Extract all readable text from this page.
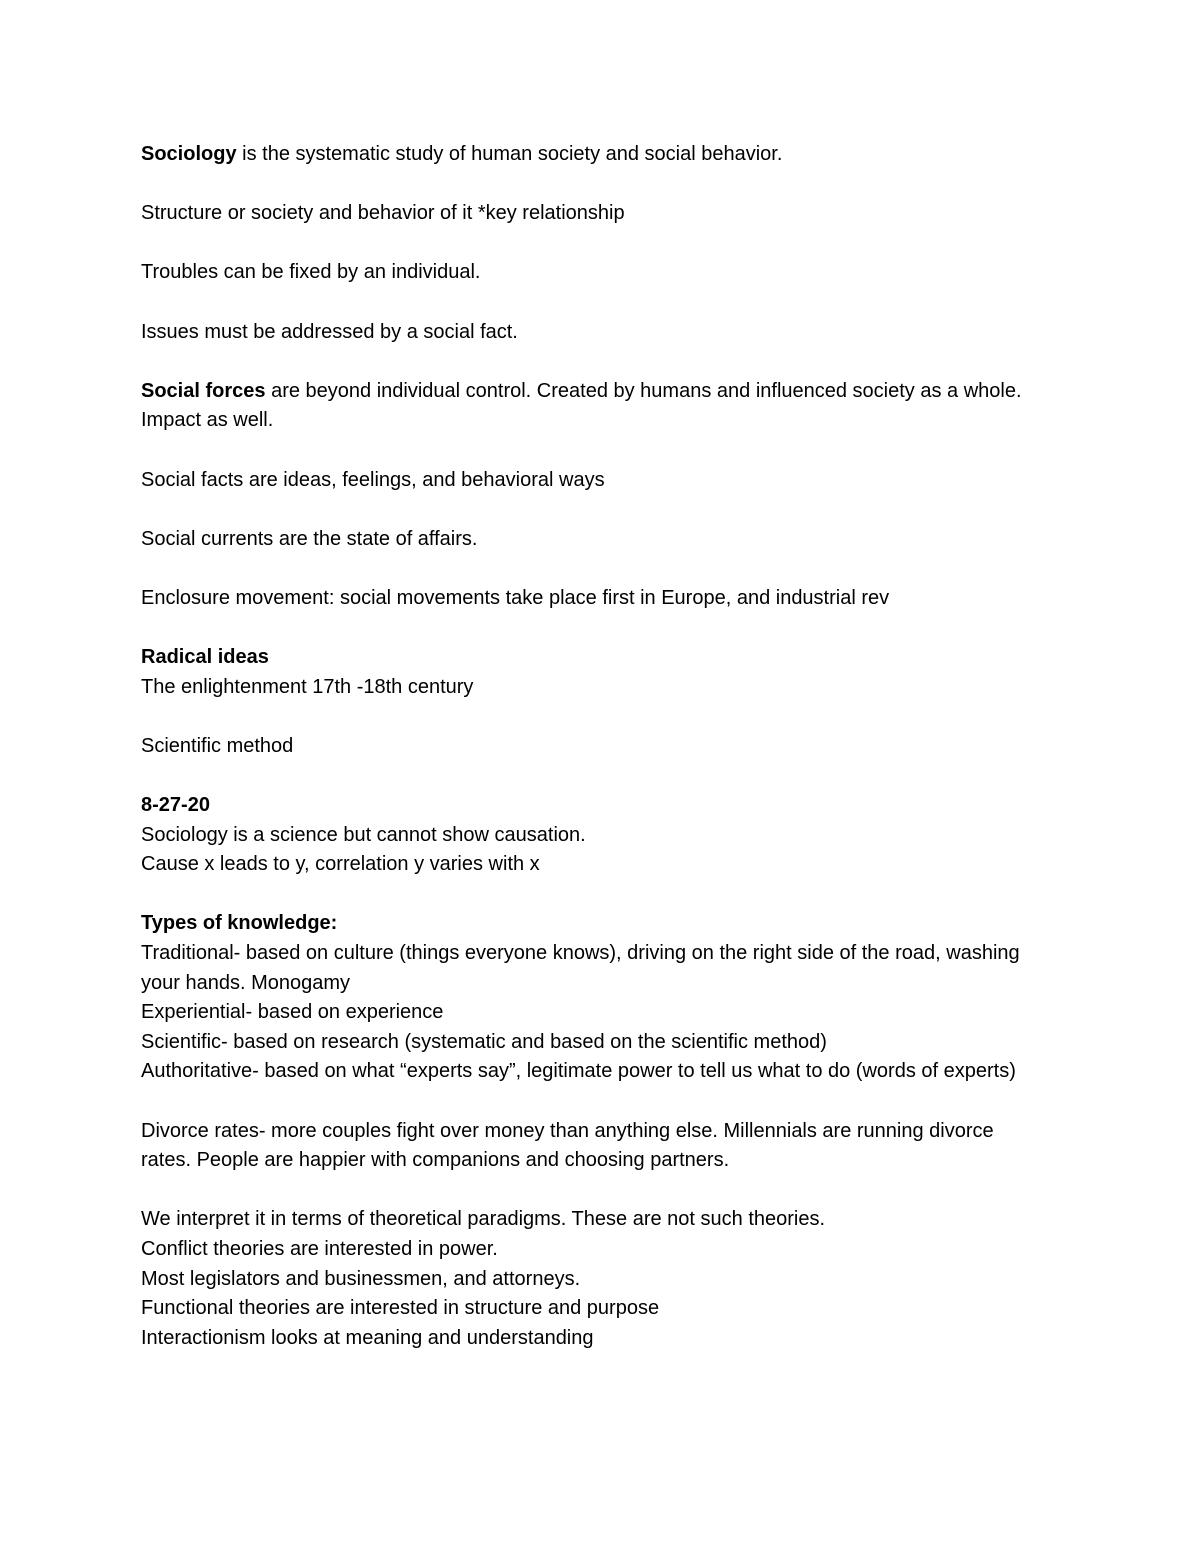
Sociology is the systematic study of human society and social behavior.

Structure or society and behavior of it *key relationship

Troubles can be fixed by an individual.

Issues must be addressed by a social fact.

Social forces are beyond individual control. Created by humans and influenced society as a whole. Impact as well.

Social facts are ideas, feelings, and behavioral ways

Social currents are the state of affairs.

Enclosure movement: social movements take place first in Europe, and industrial rev

Radical ideas

The enlightenment 17th -18th century

Scientific method

8-27-20

Sociology is a science but cannot show causation.

Cause x leads to y, correlation y varies with x

Types of knowledge:

Traditional- based on culture (things everyone knows), driving on the right side of the road, washing your hands. Monogamy

Experiential- based on experience

Scientific- based on research (systematic and based on the scientific method)

Authoritative- based on what “experts say”, legitimate power to tell us what to do (words of experts)

Divorce rates- more couples fight over money than anything else. Millennials are running divorce rates. People are happier with companions and choosing partners.

We interpret it in terms of theoretical paradigms. These are not such theories.

Conflict theories are interested in power.

Most legislators and businessmen, and attorneys.

Functional theories are interested in structure and purpose

Interactionism looks at meaning and understanding
